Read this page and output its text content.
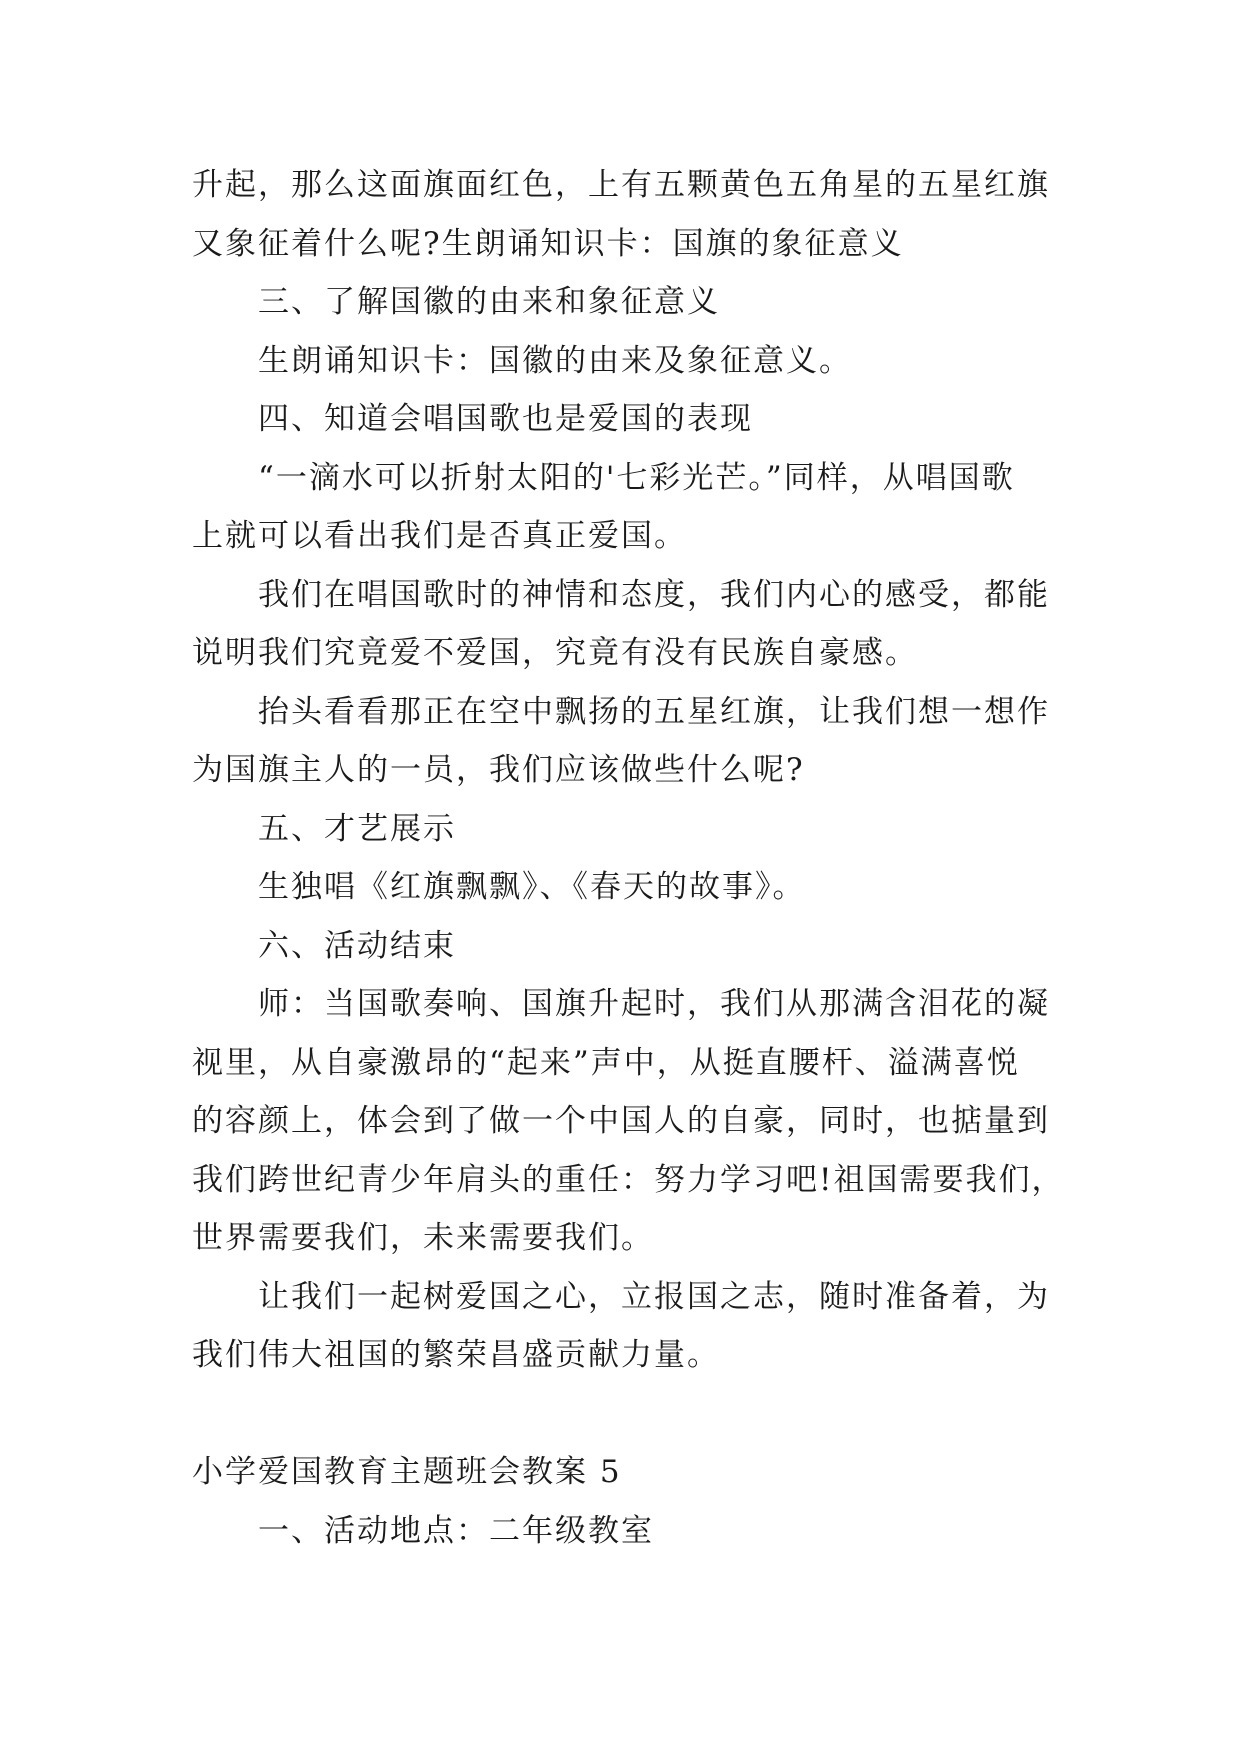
升起，那么这面旗面红色，上有五颗黄色五角星的五星红旗
又象征着什么呢?生朗诵知识卡：国旗的象征意义
三、了解国徽的由来和象征意义
生朗诵知识卡：国徽的由来及象征意义。
四、知道会唱国歌也是爱国的表现
“一滴水可以折射太阳的'七彩光芒。”同样，从唱国歌
上就可以看出我们是否真正爱国。
我们在唱国歌时的神情和态度，我们内心的感受，都能
说明我们究竟爱不爱国，究竟有没有民族自豪感。
抬头看看那正在空中飘扬的五星红旗，让我们想一想作
为国旗主人的一员，我们应该做些什么呢?
五、才艺展示
生独唱《红旗飘飘》、《春天的故事》。
六、活动结束
师：当国歌奏响、国旗升起时，我们从那满含泪花的凝
视里，从自豪激昂的“起来”声中，从挺直腰杆、溢满喜悦
的容颜上，体会到了做一个中国人的自豪，同时，也掂量到
我们跨世纪青少年肩头的重任：努力学习吧!祖国需要我们，
世界需要我们，未来需要我们。
让我们一起树爱国之心，立报国之志，随时准备着，为
我们伟大祖国的繁荣昌盛贡献力量。
小学爱国教育主题班会教案 5
一、活动地点：二年级教室
